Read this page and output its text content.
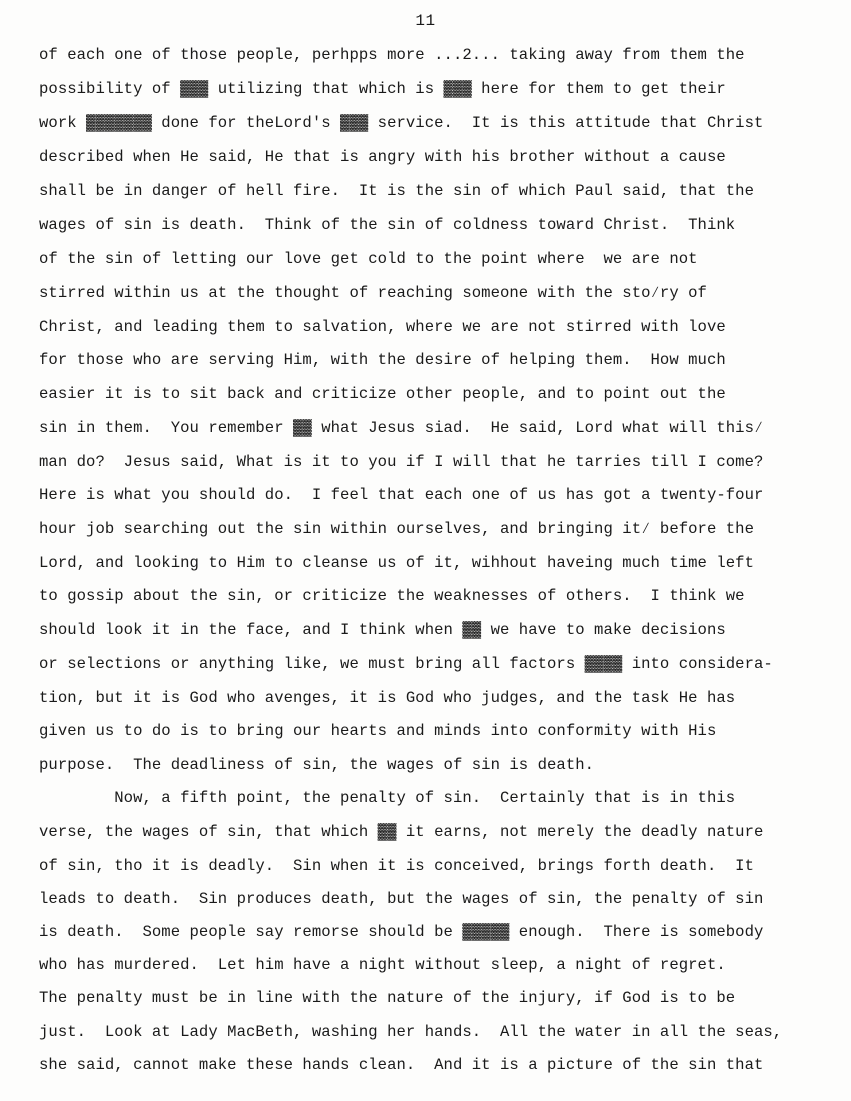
11
of each one of those people, perhpps more ...2... taking away from them the
possibility of ▓▓▓ utilizing that which is ▓▓▓ here for them to get their
work ▓▓▓▓▓▓▓ done for theLord's ▓▓▓ service.  It is this attitude that Christ
described when He said, He that is angry with his brother without a cause
shall be in danger of hell fire.  It is the sin of which Paul said, that the
wages of sin is death.  Think of the sin of coldness toward Christ.  Think
of the sin of letting our love get cold to the point where  we are not
stirred within us at the thought of reaching someone with the sto∕ry of
Christ, and leading them to salvation, where we are not stirred with love
for those who are serving Him, with the desire of helping them.  How much
easier it is to sit back and criticize other people, and to point out the
sin in them.  You remember ▓▓ what Jesus siad.  He said, Lord what will this∕
man do?  Jesus said, What is it to you if I will that he tarries till I come?
Here is what you should do.  I feel that each one of us has got a twenty-four
hour job searching out the sin within ourselves, and bringing it∕ before the
Lord, and looking to Him to cleanse us of it, wihhout haveing much time left
to gossip about the sin, or criticize the weaknesses of others.  I think we
should look it in the face, and I think when ▓▓ we have to make decisions
or selections or anything like, we must bring all factors ▓▓▓▓ into considera-
tion, but it is God who avenges, it is God who judges, and the task He has
given us to do is to bring our hearts and minds into conformity with His
purpose.  The deadliness of sin, the wages of sin is death.
Now, a fifth point, the penalty of sin.  Certainly that is in this
verse, the wages of sin, that which ▓▓ it earns, not merely the deadly nature
of sin, tho it is deadly.  Sin when it is conceived, brings forth death.  It
leads to death.  Sin produces death, but the wages of sin, the penalty of sin
is death.  Some people say remorse should be ▓▓▓▓▓ enough.  There is somebody
who has murdered.  Let him have a night without sleep, a night of regret.
The penalty must be in line with the nature of the injury, if God is to be
just.  Look at Lady MacBeth, washing her hands.  All the water in all the seas,
she said, cannot make these hands clean.  And it is a picture of the sin that
